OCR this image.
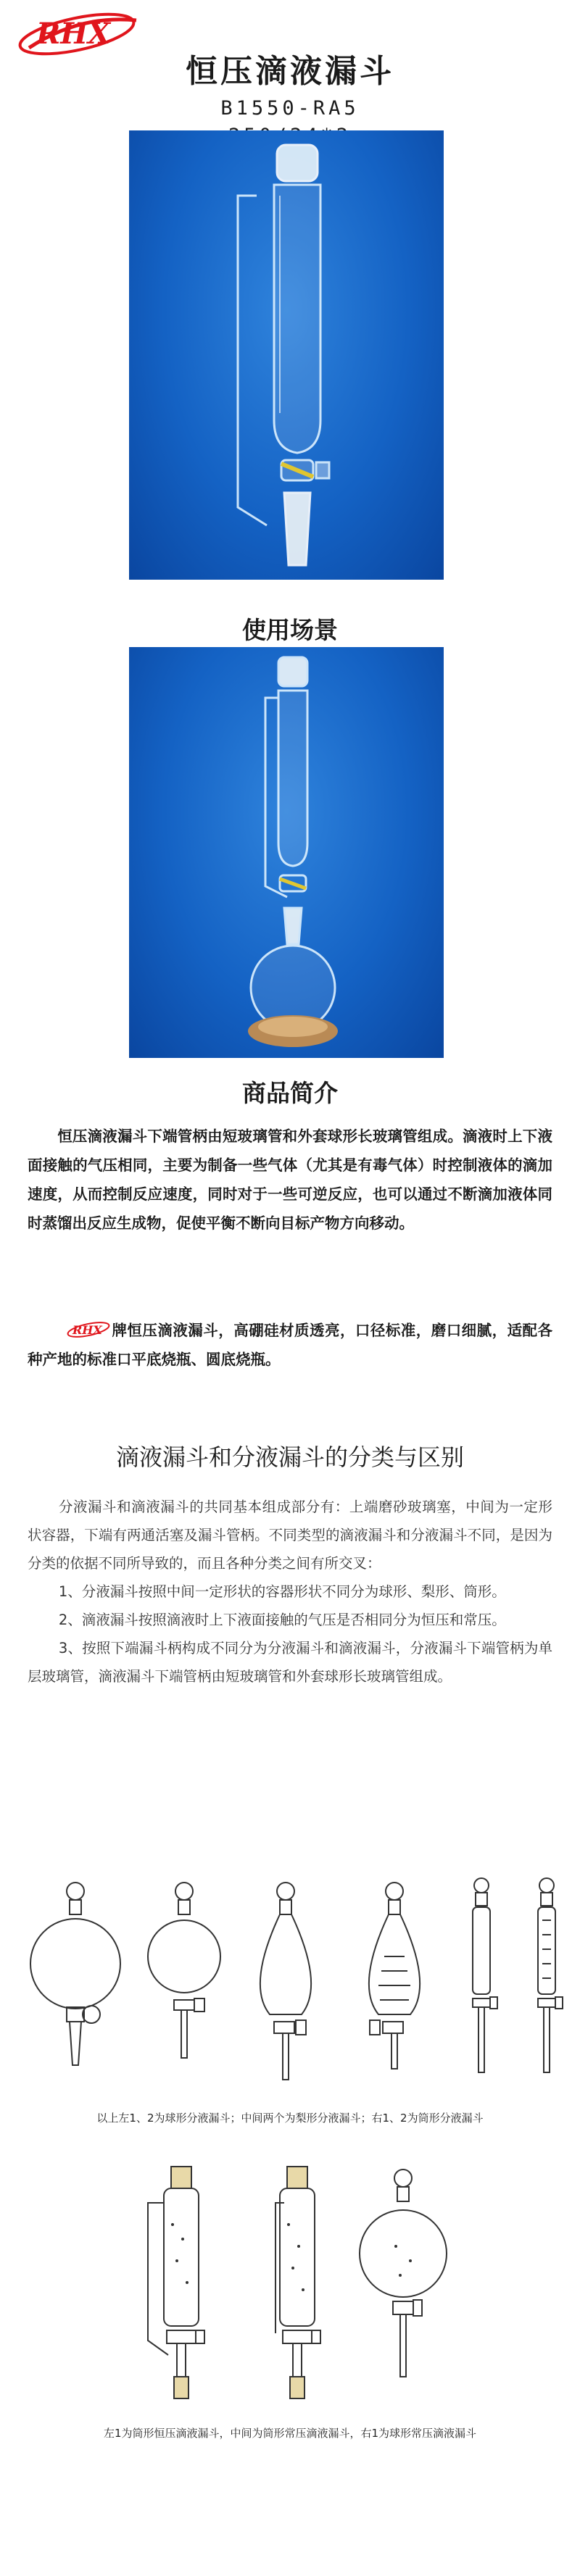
RHX
恒压滴液漏斗
B1550-RA5
使用场景
商品简介
恒压滴液漏斗下端管柄由短玻璃管和外套球形长玻璃管组成。滴液时上下液面接触的气压相同，主要为制备一些气体（尤其是有毒气体）时控制液体的滴加速度，从而控制反应速度，同时对于一些可逆反应，也可以通过不断滴加液体同时蒸馏出反应生成物，促使平衡不断向目标产物方向移动。
RHX 牌恒压滴液漏斗，高硼硅材质透亮，口径标准，磨口细腻，适配各种产地的标准口平底烧瓶、圆底烧瓶。
滴液漏斗和分液漏斗的分类与区别

分液漏斗和滴液漏斗的共同基本组成部分有：上端磨砂玻璃塞，中间为一定形状容器，下端有两通活塞及漏斗管柄。不同类型的滴液漏斗和分液漏斗不同，是因为分类的依据不同所导致的，而且各种分类之间有所交叉：

1、分液漏斗按照中间一定形状的容器形状不同分为球形、梨形、筒形。

2、滴液漏斗按照滴液时上下液面接触的气压是否相同分为恒压和常压。

3、按照下端漏斗柄构成不同分为分液漏斗和滴液漏斗，分液漏斗下端管柄为单层玻璃管，滴液漏斗下端管柄由短玻璃管和外套球形长玻璃管组成。

以上左1、2为球形分液漏斗；中间两个为梨形分液漏斗；右1、2为筒形分液漏斗
左1为筒形恒压滴液漏斗，中间为筒形常压滴液漏斗，右1为球形常压滴液漏斗
